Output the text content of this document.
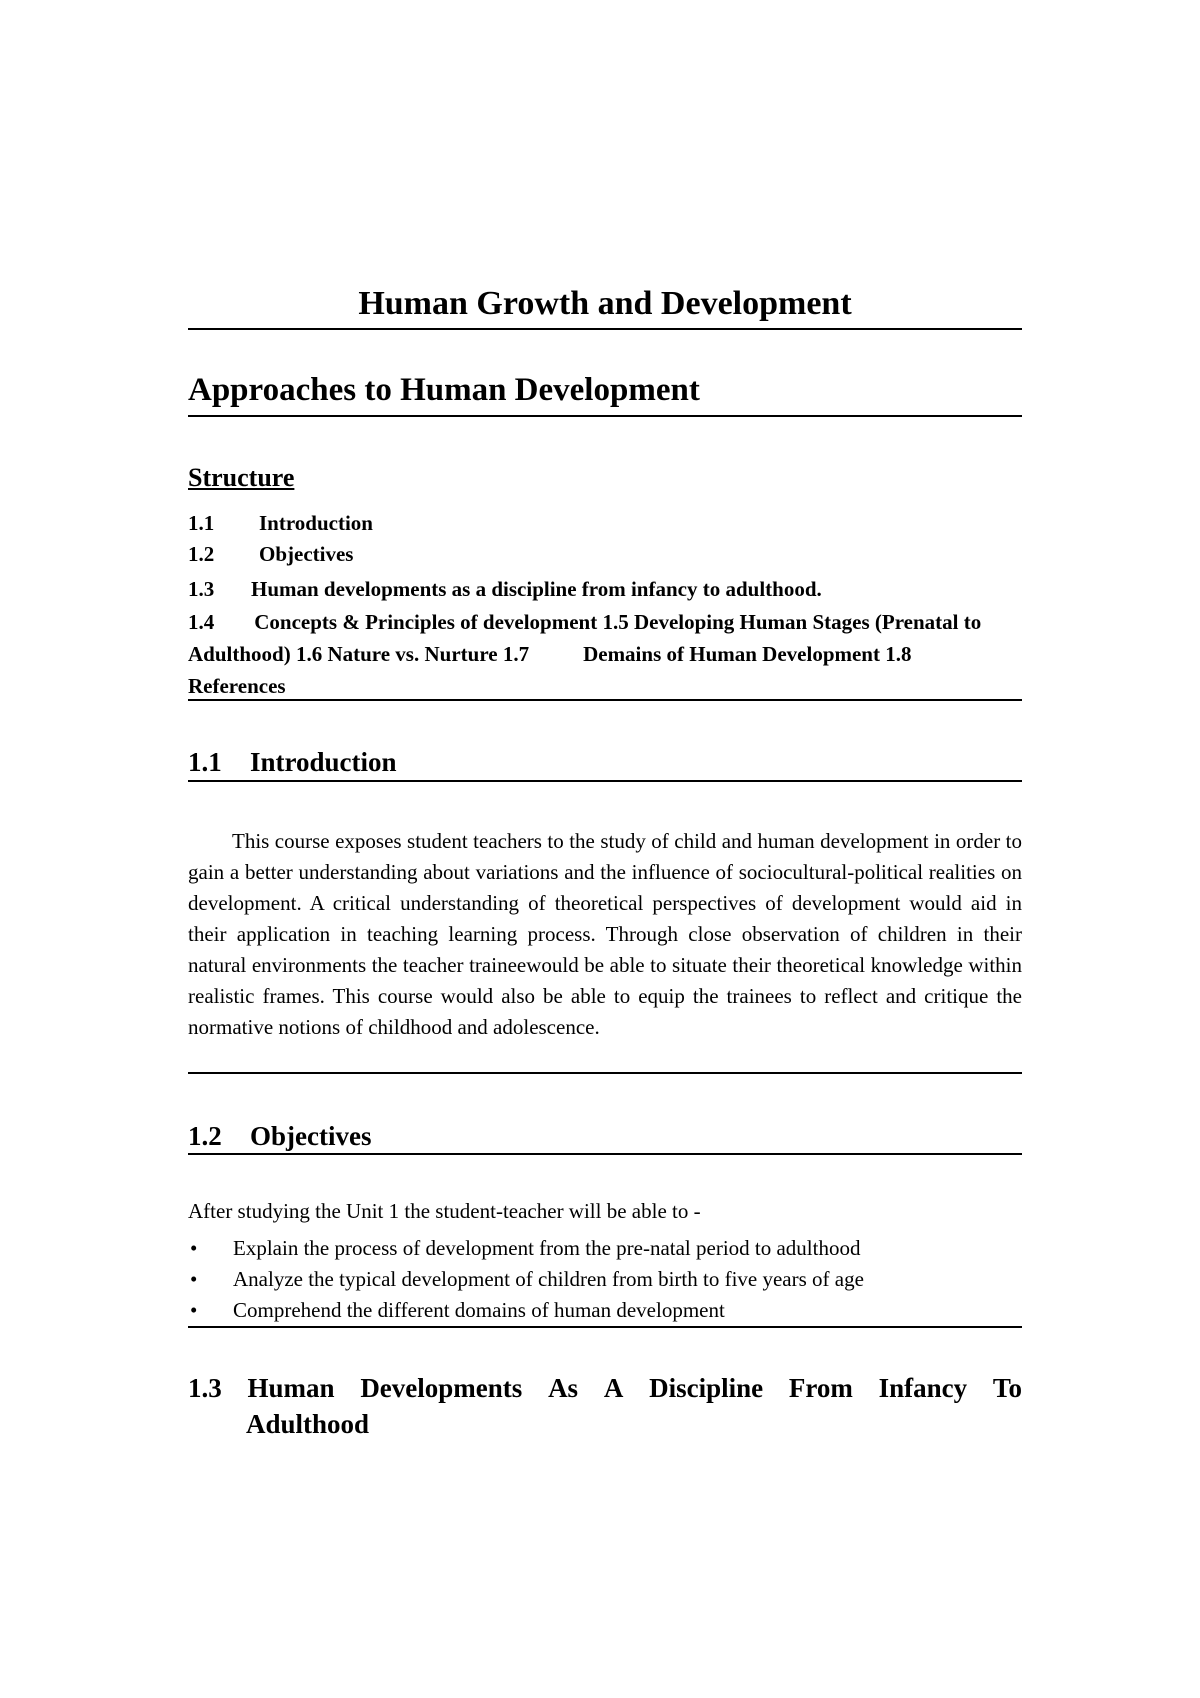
Human Growth and Development
Approaches to Human Development
Structure
1.1 Introduction
1.2 Objectives
1.3 Human developments as a discipline from infancy to adulthood.
1.4 Concepts & Principles of development 1.5 Developing Human Stages (Prenatal to Adulthood) 1.6 Nature vs. Nurture 1.7	Demains of Human Development 1.8References
1.1 Introduction
This course exposes student teachers to the study of child and human development in order to gain a better understanding about variations and the influence of sociocultural-political realities on development. A critical understanding of theoretical perspectives of development would aid in their application in teaching learning process. Through close observation of children in their natural environments the teacher traineewould be able to situate their theoretical knowledge within realistic frames. This course would also be able to equip the trainees to reflect and critique the normative notions of childhood and adolescence.
1.2 Objectives
After studying the Unit 1 the student-teacher will be able to -
• Explain the process of development from the pre-natal period to adulthood
• Analyze the typical development of children from birth to five years of age
• Comprehend the different domains of human development
1.3 Human Developments As A Discipline From Infancy To
Adulthood
